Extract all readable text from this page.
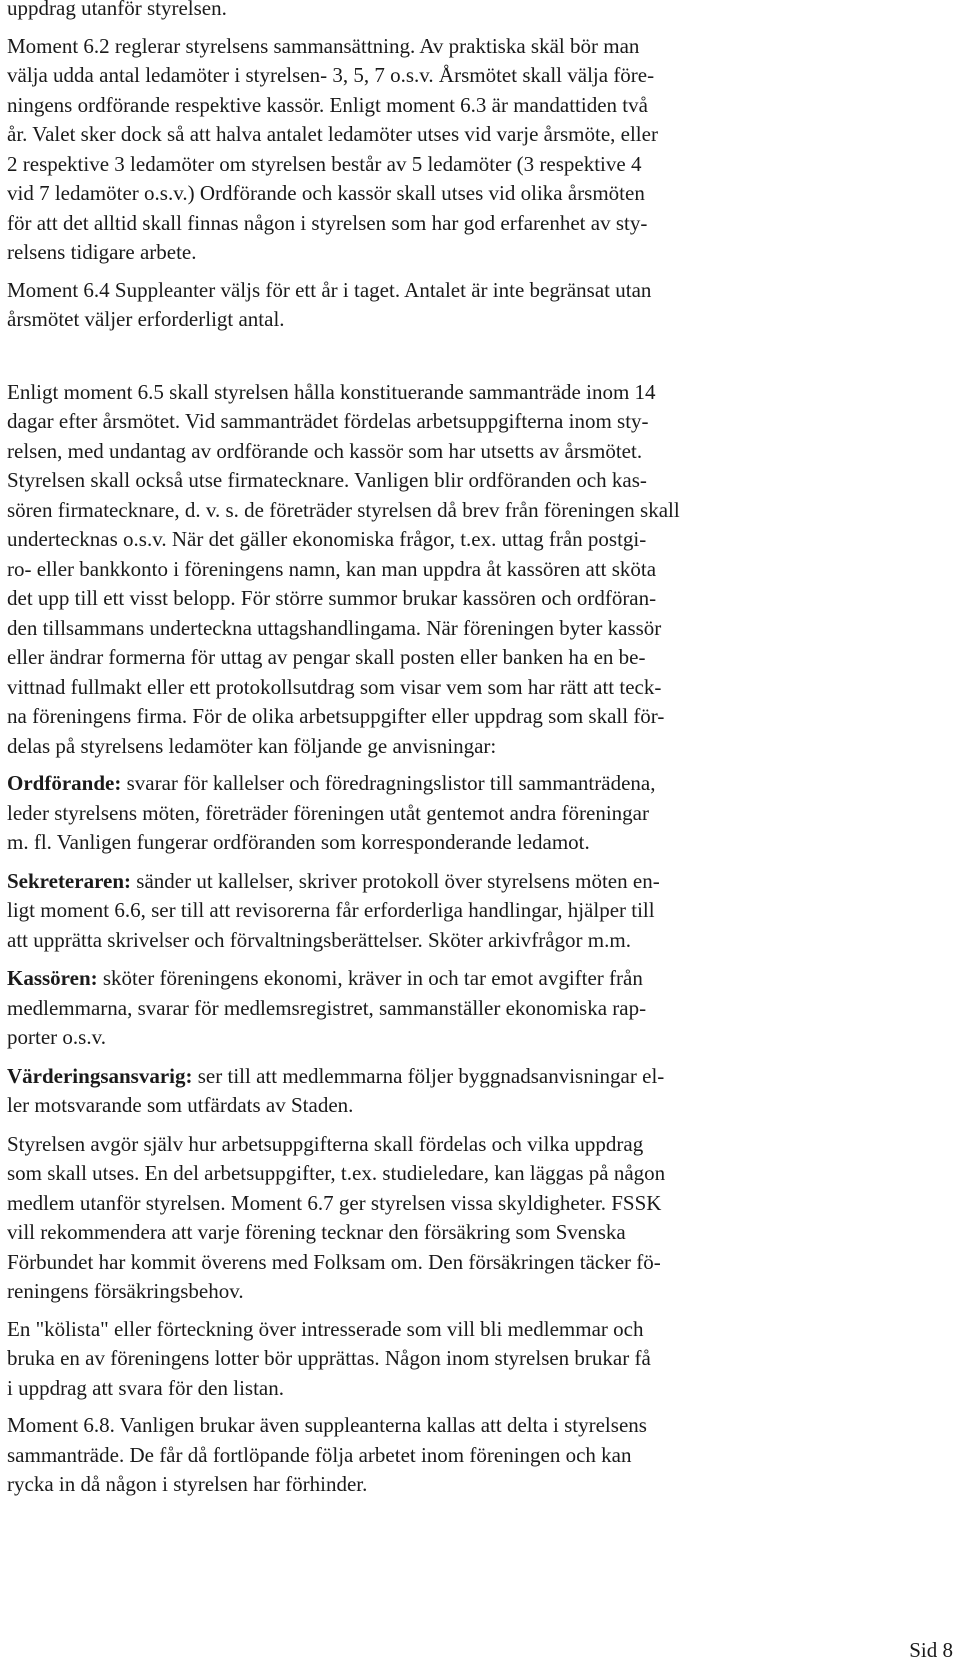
uppdrag utanför styrelsen.
Moment 6.2 reglerar styrelsens sammansättning. Av praktiska skäl bör man
välja udda antal ledamöter i styrelsen- 3, 5, 7 o.s.v. Årsmötet skall välja före-
ningens ordförande respektive kassör. Enligt moment 6.3 är mandattiden två
år. Valet sker dock så att halva antalet ledamöter utses vid varje årsmöte, eller
2 respektive 3 ledamöter om styrelsen består av 5 ledamöter (3 respektive 4
vid 7 ledamöter o.s.v.) Ordförande och kassör skall utses vid olika årsmöten
för att det alltid skall finnas någon i styrelsen som har god erfarenhet av sty-
relsens tidigare arbete.
Moment 6.4 Suppleanter väljs för ett år i taget. Antalet är inte begränsat utan
årsmötet väljer erforderligt antal.
Enligt moment 6.5 skall styrelsen hålla konstituerande sammanträde inom 14
dagar efter årsmötet. Vid sammanträdet fördelas arbetsuppgifterna inom sty-
relsen, med undantag av ordförande och kassör som har utsetts av årsmötet.
Styrelsen skall också utse firmatecknare. Vanligen blir ordföranden och kas-
sören firmatecknare, d. v. s. de företräder styrelsen då brev från föreningen skall
undertecknas o.s.v. När det gäller ekonomiska frågor, t.ex. uttag från postgi-
ro- eller bankkonto i föreningens namn, kan man uppdra åt kassören att sköta
det upp till ett visst belopp. För större summor brukar kassören och ordföran-
den tillsammans underteckna uttagshandlingama. När föreningen byter kassör
eller ändrar formerna för uttag av pengar skall posten eller banken ha en be-
vittnad fullmakt eller ett protokollsutdrag som visar vem som har rätt att teck-
na föreningens firma. För de olika arbetsuppgifter eller uppdrag som skall för-
delas på styrelsens ledamöter kan följande ge anvisningar:
Ordförande: svarar för kallelser och föredragningslistor till sammanträdena,
leder styrelsens möten, företräder föreningen utåt gentemot andra föreningar
m. fl. Vanligen fungerar ordföranden som korresponderande ledamot.
Sekreteraren: sänder ut kallelser, skriver protokoll över styrelsens möten en-
ligt moment 6.6, ser till att revisorerna får erforderliga handlingar, hjälper till
att upprätta skrivelser och förvaltningsberättelser. Sköter arkivfrågor m.m.
Kassören: sköter föreningens ekonomi, kräver in och tar emot avgifter från
medlemmarna, svarar för medlemsregistret, sammanställer ekonomiska rap-
porter o.s.v.
Värderingsansvarig: ser till att medlemmarna följer byggnadsanvisningar el-
ler motsvarande som utfärdats av Staden.
Styrelsen avgör själv hur arbetsuppgifterna skall fördelas och vilka uppdrag
som skall utses. En del arbetsuppgifter, t.ex. studieledare, kan läggas på någon
medlem utanför styrelsen. Moment 6.7 ger styrelsen vissa skyldigheter. FSSK
vill rekommendera att varje förening tecknar den försäkring som Svenska
Förbundet har kommit överens med Folksam om. Den försäkringen täcker fö-
reningens försäkringsbehov.
En "kölista" eller förteckning över intresserade som vill bli medlemmar och
bruka en av föreningens lotter bör upprättas. Någon inom styrelsen brukar få
i uppdrag att svara för den listan.
Moment 6.8. Vanligen brukar även suppleanterna kallas att delta i styrelsens
sammanträde. De får då fortlöpande följa arbetet inom föreningen och kan
rycka in då någon i styrelsen har förhinder.
Sid 8
